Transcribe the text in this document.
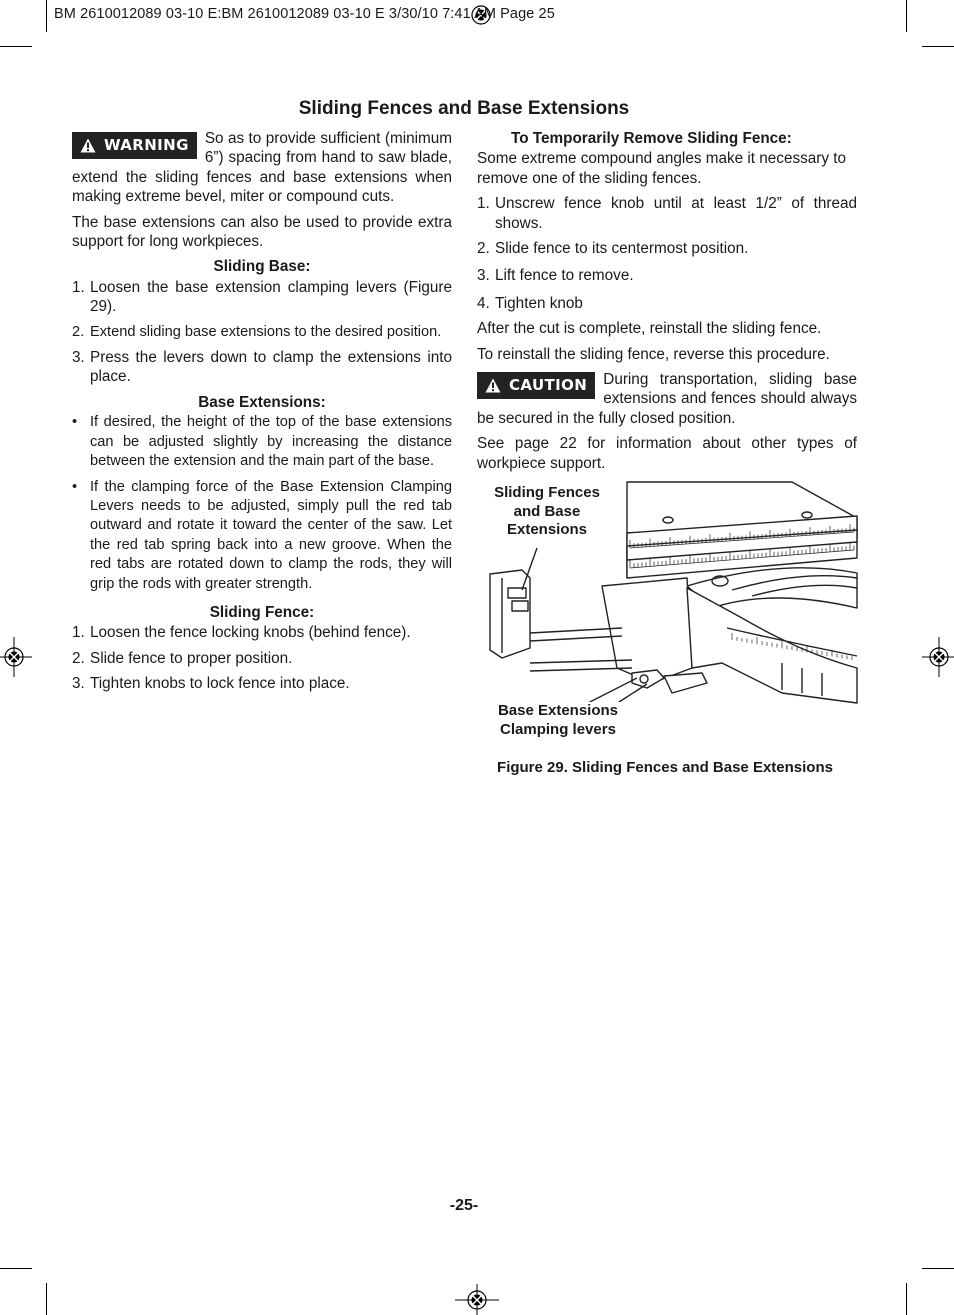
BM 2610012089 03-10 E:BM 2610012089 03-10 E 3/30/10 7:41 AM Page 25
Sliding Fences and Base Extensions

WARNING So as to provide sufficient (minimum 6”) spacing from hand to saw blade, extend the sliding fences and base extensions when making extreme bevel, miter or compound cuts.

The base extensions can also be used to provide extra support for long workpieces.

Sliding Base:
1. Loosen the base extension clamping levers (Figure 29).
2. Extend sliding base extensions to the desired position.
3. Press the levers down to clamp the extensions into place.
Base Extensions:
• If desired, the height of the top of the base extensions can be adjusted slightly by increasing the distance between the extension and the main part of the base.
• If the clamping force of the Base Extension Clamping Levers needs to be adjusted, simply pull the red tab outward and rotate it toward the center of the saw. Let the red tab spring back into a new groove. When the red tabs are rotated down to clamp the rods, they will grip the rods with greater strength.
Sliding Fence:
1. Loosen the fence locking knobs (behind fence).
2. Slide fence to proper position.
3. Tighten knobs to lock fence into place.
To Temporarily Remove Sliding Fence:

Some extreme compound angles make it necessary to remove one of the sliding fences.

1. Unscrew fence knob until at least 1/2” of thread shows.
2. Slide fence to its centermost position.
3. Lift fence to remove.
4. Tighten knob

After the cut is complete, reinstall the sliding fence.

To reinstall the sliding fence, reverse this procedure.

CAUTION During transportation, sliding base extensions and fences should always be secured in the fully closed position.

See page 22 for information about other types of workpiece support.

Sliding Fences
and Base
Extensions
Base Extensions
Clamping levers
Figure 29. Sliding Fences and Base Extensions
-25-
